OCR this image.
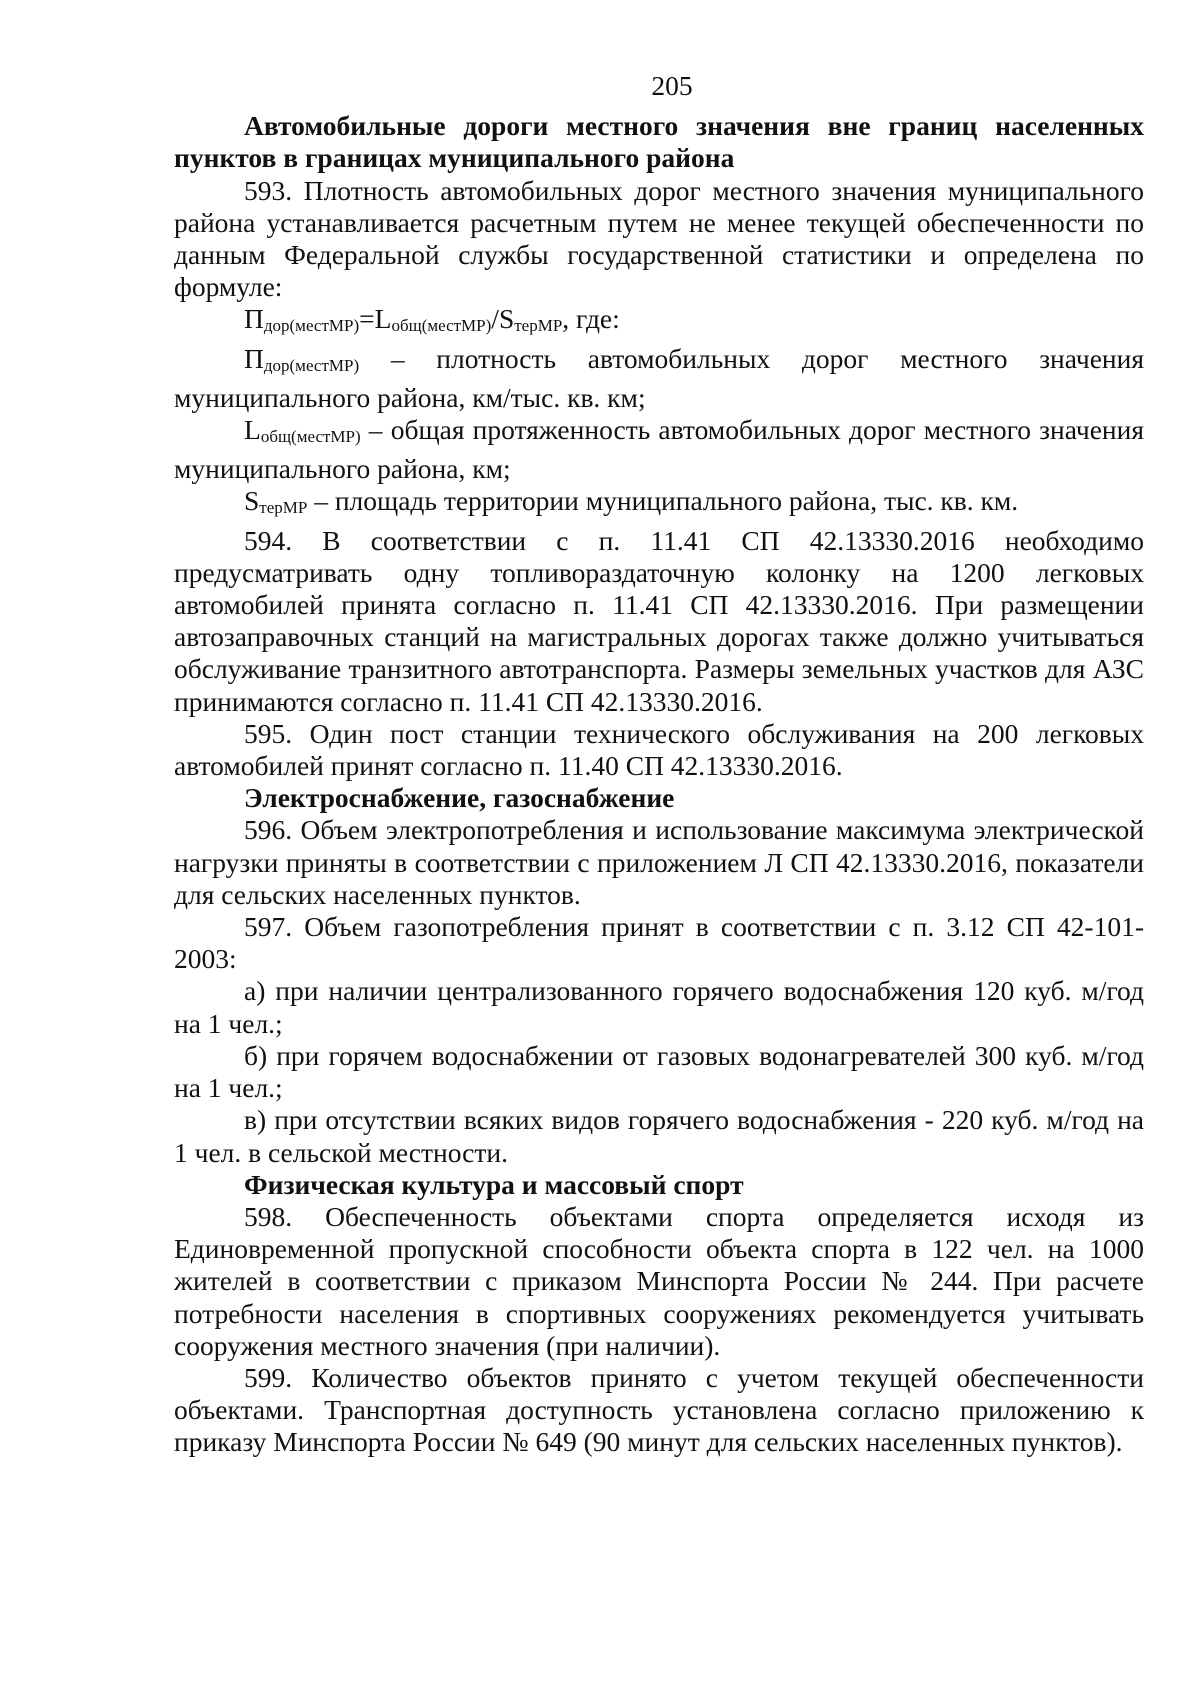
205
Автомобильные дороги местного значения вне границ населенных пунктов в границах муниципального района
593. Плотность автомобильных дорог местного значения муниципального района устанавливается расчетным путем не менее текущей обеспеченности по данным Федеральной службы государственной статистики и определена по формуле:
Пдор(местМР)=Lобщ(местМР)/SтерМР, где:
Пдор(местМР) – плотность автомобильных дорог местного значения муниципального района, км/тыс. кв. км;
Lобщ(местМР) – общая протяженность автомобильных дорог местного значения муниципального района, км;
SтерМР – площадь территории муниципального района, тыс. кв. км.
594. В соответствии с п. 11.41 СП 42.13330.2016 необходимо предусматривать одну топливораздаточную колонку на 1200 легковых автомобилей принята согласно п. 11.41 СП 42.13330.2016. При размещении автозаправочных станций на магистральных дорогах также должно учитываться обслуживание транзитного автотранспорта. Размеры земельных участков для АЗС принимаются согласно п. 11.41 СП 42.13330.2016.
595. Один пост станции технического обслуживания на 200 легковых автомобилей принят согласно п. 11.40 СП 42.13330.2016.
Электроснабжение, газоснабжение
596. Объем электропотребления и использование максимума электрической нагрузки приняты в соответствии с приложением Л СП 42.13330.2016, показатели для сельских населенных пунктов.
597. Объем газопотребления принят в соответствии с п. 3.12 СП 42-101-2003:
а) при наличии централизованного горячего водоснабжения 120 куб. м/год на 1 чел.;
б) при горячем водоснабжении от газовых водонагревателей 300 куб. м/год на 1 чел.;
в) при отсутствии всяких видов горячего водоснабжения - 220 куб. м/год на 1 чел. в сельской местности.
Физическая культура и массовый спорт
598. Обеспеченность объектами спорта определяется исходя из Единовременной пропускной способности объекта спорта в 122 чел. на 1000 жителей в соответствии с приказом Минспорта России № 244. При расчете потребности населения в спортивных сооружениях рекомендуется учитывать сооружения местного значения (при наличии).
599. Количество объектов принято с учетом текущей обеспеченности объектами. Транспортная доступность установлена согласно приложению к приказу Минспорта России № 649 (90 минут для сельских населенных пунктов).
